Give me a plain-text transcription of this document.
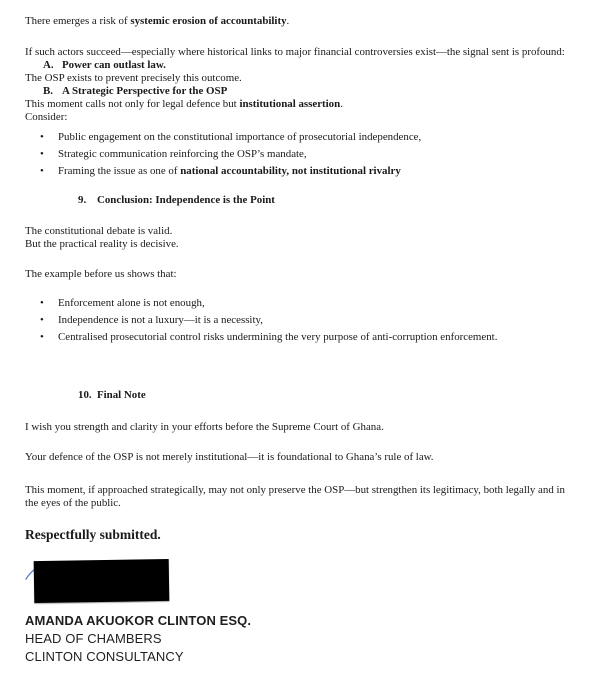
There emerges a risk of systemic erosion of accountability.

If such actors succeed—especially where historical links to major financial controversies exist—the signal sent is profound:

A. Power can outlast law.

The OSP exists to prevent precisely this outcome.

B. A Strategic Perspective for the OSP

This moment calls not only for legal defence but institutional assertion.

Consider:

• Public engagement on the constitutional importance of prosecutorial independence,
• Strategic communication reinforcing the OSP’s mandate,
• Framing the issue as one of national accountability, not institutional rivalry

9. Conclusion: Independence is the Point

The constitutional debate is valid.

But the practical reality is decisive.

The example before us shows that:

• Enforcement alone is not enough,
• Independence is not a luxury—it is a necessity,
• Centralised prosecutorial control risks undermining the very purpose of anti-corruption enforcement.

10. Final Note

I wish you strength and clarity in your efforts before the Supreme Court of Ghana.

Your defence of the OSP is not merely institutional—it is foundational to Ghana’s rule of law.

This moment, if approached strategically, may not only preserve the OSP—but strengthen its legitimacy, both legally and in the eyes of the public.

Respectfully submitted.

AMANDA AKUOKOR CLINTON ESQ.
HEAD OF CHAMBERS
CLINTON CONSULTANCY
